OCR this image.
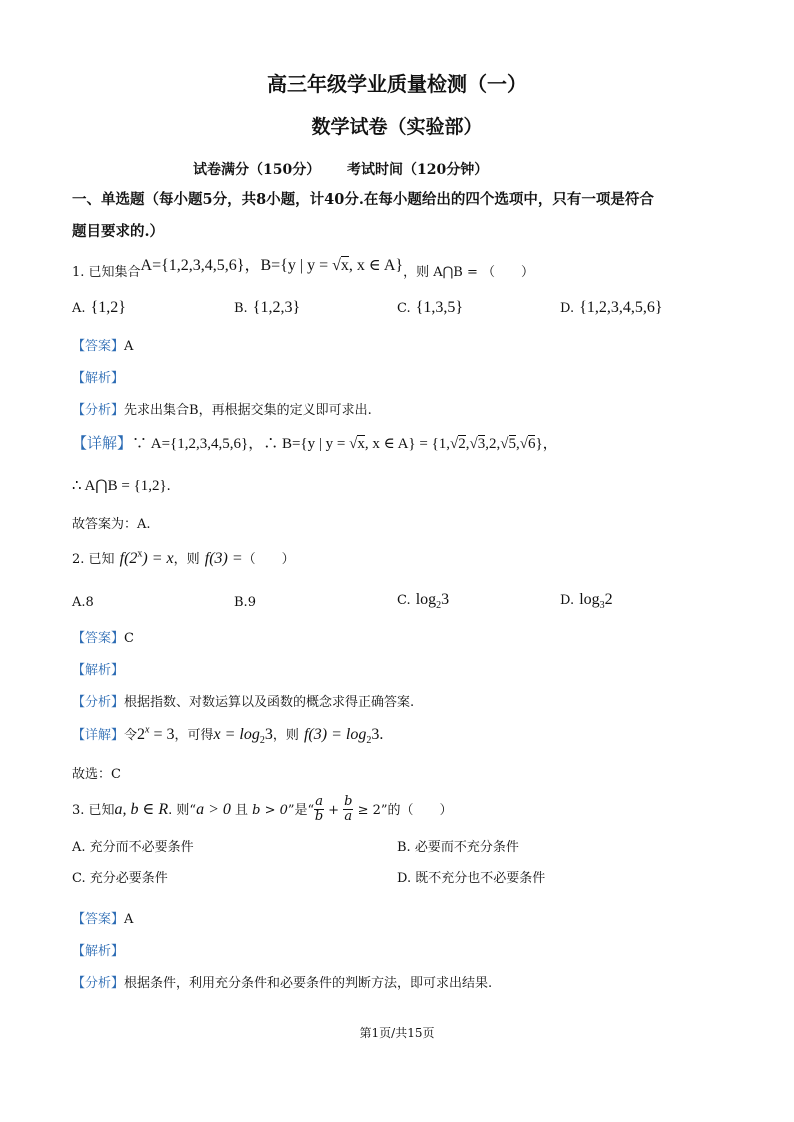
高三年级学业质量检测（一）
数学试卷（实验部）
试卷满分（150分） 考试时间（120分钟）
一、单选题（每小题5分，共8小题，计40分.在每小题给出的四个选项中，只有一项是符合
题目要求的.）
1. 已知集合A={1,2,3,4,5,6}，B={y | y = √x, x ∈ A}，则 A⋂B = （　　）
A. {1,2}	B. {1,2,3}	C. {1,3,5}	D. {1,2,3,4,5,6}
【答案】A
【解析】
【分析】先求出集合B，再根据交集的定义即可求出.
【详解】∵ A={1,2,3,4,5,6}，∴ B={y | y = √x, x ∈ A} = {1,√2,√3,2,√5,√6}，
∴ A⋂B = {1,2}.
故答案为：A.
2. 已知 $f(2^x) = x$，则 f(3) =（　　）
A.8	B.9	C. $\log_23$	D. $\log_32$
【答案】C
【解析】
【分析】根据指数、对数运算以及函数的概念求得正确答案.
【详解】令$2^x = 3$，可得$x = \log_23$，则 $f(3) = \log_23$.
故选：C
3. 已知a, b ∈ R. 则“a > 0 且 b > 0”是“ $\frac{a}{b} + \frac{b}{a} \ge 2$”的（　　）
A. 充分而不必要条件	B. 必要而不充分条件
C. 充分必要条件	D. 既不充分也不必要条件
【答案】A
【解析】
【分析】根据条件，利用充分条件和必要条件的判断方法，即可求出结果.
第1页/共15页
